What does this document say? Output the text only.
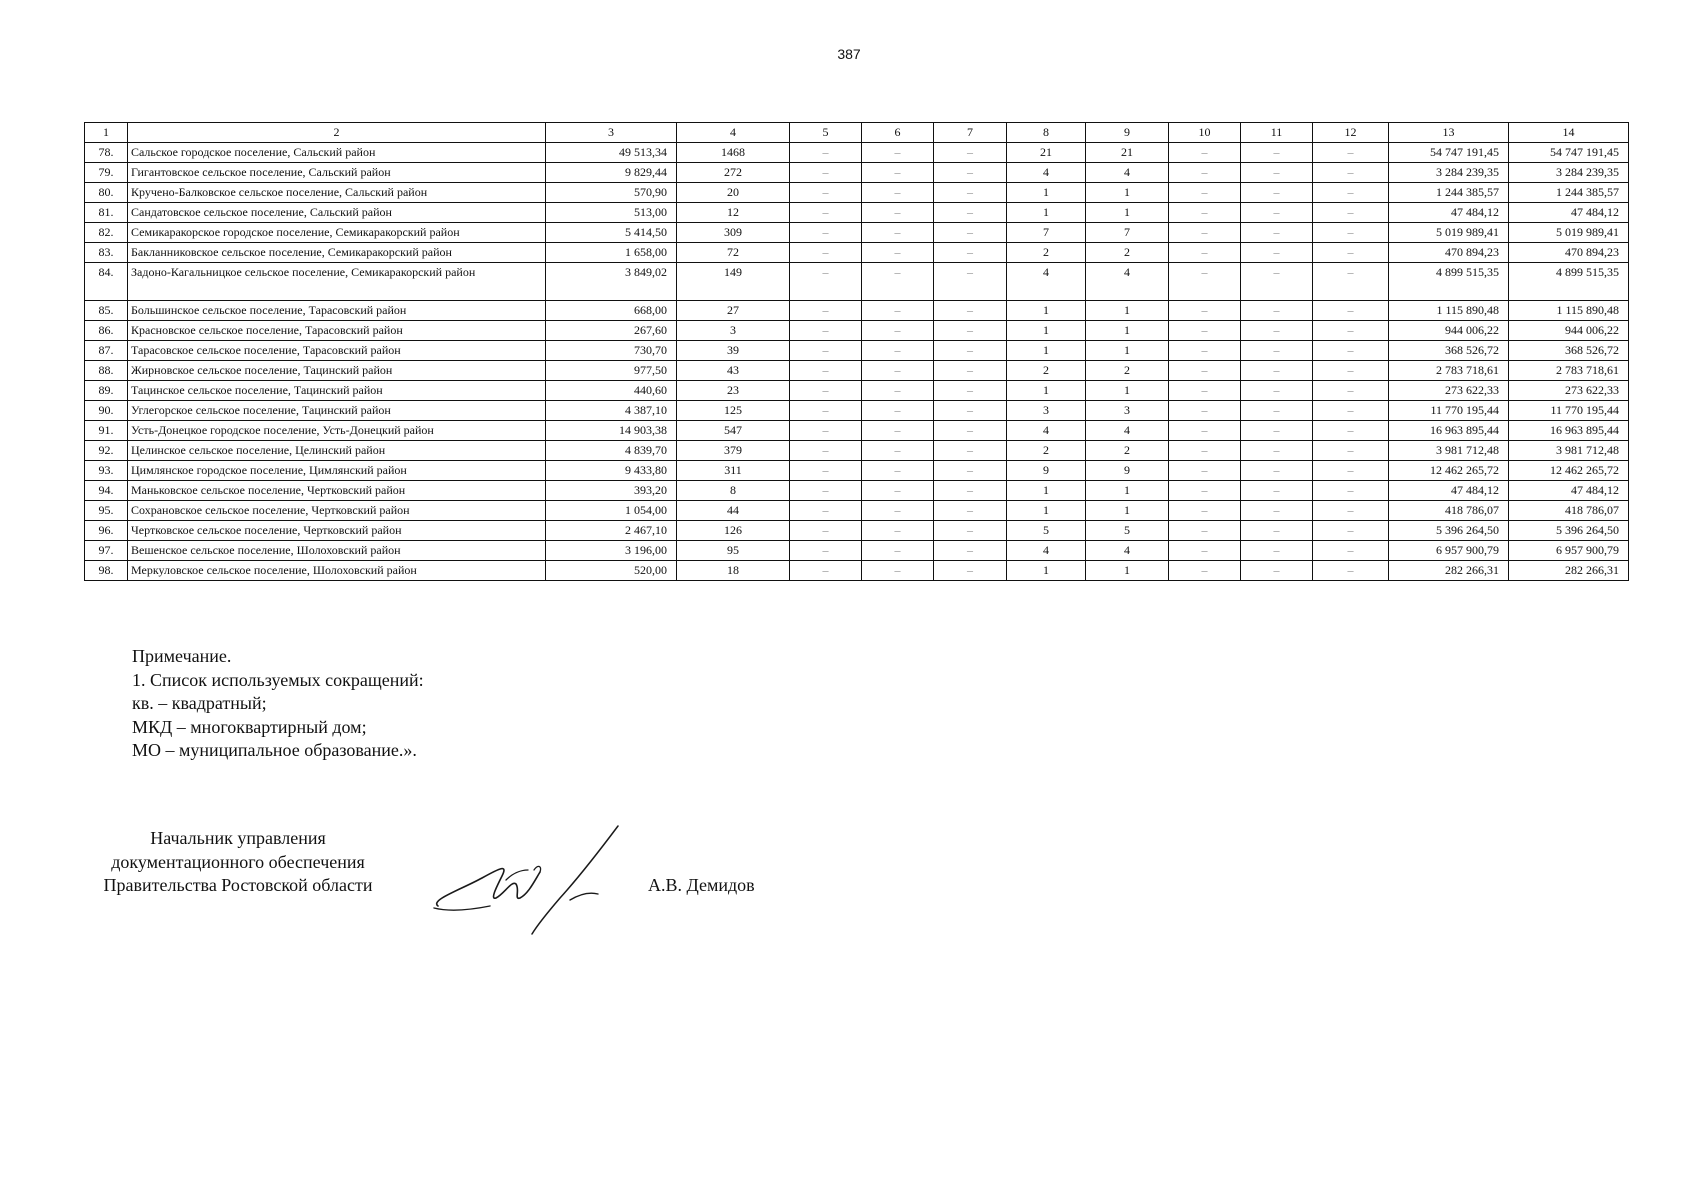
387
1	2	3	4	5	6	7	8	9	10	11	12	13	14
78.	Сальское городское поселение, Сальский район	49 513,34	1468	–	–	–	21	21	–	–	–	54 747 191,45	54 747 191,45
79.	Гигантовское сельское поселение, Сальский район	9 829,44	272	–	–	–	4	4	–	–	–	3 284 239,35	3 284 239,35
80.	Кручено-Балковское сельское поселение, Сальский район	570,90	20	–	–	–	1	1	–	–	–	1 244 385,57	1 244 385,57
81.	Сандатовское сельское поселение, Сальский район	513,00	12	–	–	–	1	1	–	–	–	47 484,12	47 484,12
82.	Семикаракорское городское поселение, Семикаракорский район	5 414,50	309	–	–	–	7	7	–	–	–	5 019 989,41	5 019 989,41
83.	Бакланниковское сельское поселение, Семикаракорский район	1 658,00	72	–	–	–	2	2	–	–	–	470 894,23	470 894,23
84.	Задоно-Кагальницкое сельское поселение, Семикаракорский район	3 849,02	149	–	–	–	4	4	–	–	–	4 899 515,35	4 899 515,35
85.	Большинское сельское поселение, Тарасовский район	668,00	27	–	–	–	1	1	–	–	–	1 115 890,48	1 115 890,48
86.	Красновское сельское поселение, Тарасовский район	267,60	3	–	–	–	1	1	–	–	–	944 006,22	944 006,22
87.	Тарасовское сельское поселение, Тарасовский район	730,70	39	–	–	–	1	1	–	–	–	368 526,72	368 526,72
88.	Жирновское сельское поселение, Тацинский район	977,50	43	–	–	–	2	2	–	–	–	2 783 718,61	2 783 718,61
89.	Тацинское сельское поселение, Тацинский район	440,60	23	–	–	–	1	1	–	–	–	273 622,33	273 622,33
90.	Углегорское сельское поселение, Тацинский район	4 387,10	125	–	–	–	3	3	–	–	–	11 770 195,44	11 770 195,44
91.	Усть-Донецкое городское поселение, Усть-Донецкий район	14 903,38	547	–	–	–	4	4	–	–	–	16 963 895,44	16 963 895,44
92.	Целинское сельское поселение, Целинский район	4 839,70	379	–	–	–	2	2	–	–	–	3 981 712,48	3 981 712,48
93.	Цимлянское городское поселение, Цимлянский район	9 433,80	311	–	–	–	9	9	–	–	–	12 462 265,72	12 462 265,72
94.	Маньковское сельское поселение, Чертковский район	393,20	8	–	–	–	1	1	–	–	–	47 484,12	47 484,12
95.	Сохрановское сельское поселение, Чертковский район	1 054,00	44	–	–	–	1	1	–	–	–	418 786,07	418 786,07
96.	Чертковское сельское поселение, Чертковский район	2 467,10	126	–	–	–	5	5	–	–	–	5 396 264,50	5 396 264,50
97.	Вешенское сельское поселение, Шолоховский район	3 196,00	95	–	–	–	4	4	–	–	–	6 957 900,79	6 957 900,79
98.	Меркуловское сельское поселение, Шолоховский район	520,00	18	–	–	–	1	1	–	–	–	282 266,31	282 266,31
Примечание.
1. Список используемых сокращений:
кв. – квадратный;
МКД – многоквартирный дом;
МО – муниципальное образование.».
Начальник управления
документационного обеспечения
Правительства Ростовской области	А.В. Демидов
